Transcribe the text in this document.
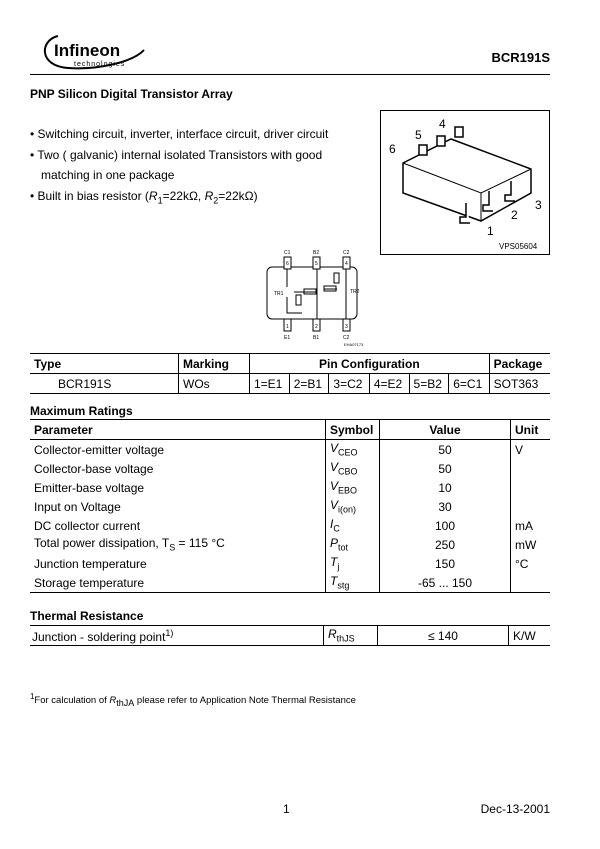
Infineon
technologies	BCR191S
PNP Silicon Digital Transistor Array
• Switching circuit, inverter, interface circuit, driver circuit
• Two ( galvanic) internal isolated Transistors with good matching in one package
• Built in bias resistor ($R_1=22k\Omega$, $R_2=22k\Omega$)
1
2
3
4
5
6
VPS05604
C1	B2	C2
6	5	4
1	2	3
E1	B1	C2
TR1	TR2
EHA07173
Type	Marking	Pin Configuration						Package
BCR191S	WOs	1=E1	2=B1	3=C2	4=E2	5=B2	6=C1	SOT363
Maximum Ratings
Parameter	Symbol	Value	Unit
Collector-emitter voltage	$V_{CEO}$	50	V
Collector-base voltage	$V_{CBO}$	50	
Emitter-base voltage	$V_{EBO}$	10	
Input on Voltage	$V_{i(on)}$	30	
DC collector current	$I_C$	100	mA
Total power dissipation, $T_S = 115$ °C	$P_{tot}$	250	mW
Junction temperature	$T_j$	150	°C
Storage temperature	$T_{stg}$	-65 ... 150	
Thermal Resistance
Junction - soldering point$^{1)}$	$R_{thJS}$	≤ 140	K/W
$^1$For calculation of $R_{thJA}$ please refer to Application Note Thermal Resistance
1	Dec-13-2001
